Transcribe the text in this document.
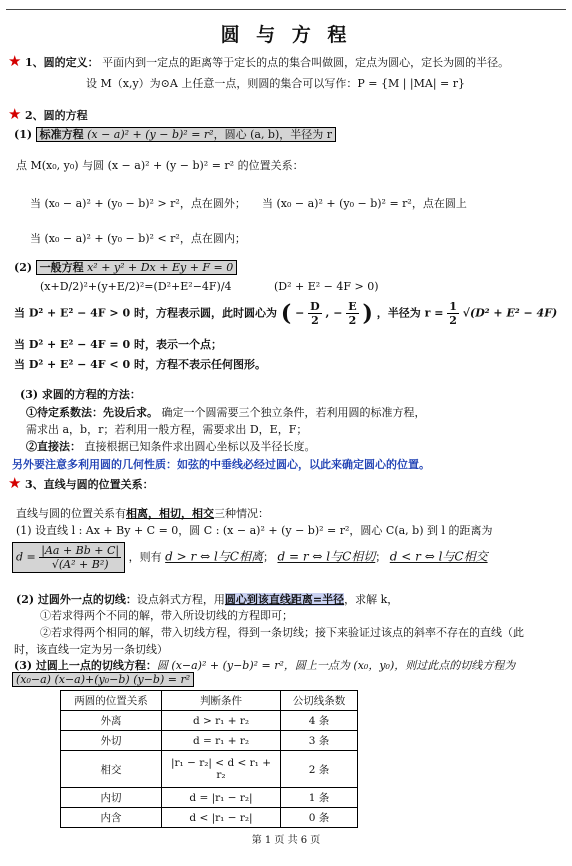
圆 与 方 程
★ 1、圆的定义： 平面内到一定点的距离等于定长的点的集合叫做圆，定点为圆心，定长为圆的半径。
设 M（x,y）为⊙A 上任意一点，则圆的集合可以写作：P = {M | |MA| = r}
★ 2、圆的方程
(1) 标准方程 (x − a)² + (y − b)² = r²，圆心 (a, b)，半径为 r
点 M(x₀, y₀) 与圆 (x − a)² + (y − b)² = r² 的位置关系：
当 (x₀ − a)² + (y₀ − b)² > r²，点在圆外； 当 (x₀ − a)² + (y₀ − b)² = r²，点在圆上
当 (x₀ − a)² + (y₀ − b)² < r²，点在圆内；
(2) 一般方程 x² + y² + Dx + Ey + F = 0
(x+D/2)²+(y+E/2)²=(D²+E²−4F)/4	(D² + E² − 4F > 0)
当 D² + E² − 4F > 0 时，方程表示圆，此时圆心为 ( − $\frac{D}{2}$ , − $\frac{E}{2}$ ) ，半径为 $r = \frac{1}{2} √(D^2 + E^2 - 4F)$
当 D² + E² − 4F = 0 时，表示一个点；
当 D² + E² − 4F < 0 时，方程不表示任何图形。
(3) 求圆的方程的方法：
①待定系数法：先设后求。 确定一个圆需要三个独立条件，若利用圆的标准方程，
需求出 a，b，r；若利用一般方程，需要求出 D，E，F；
②直接法： 直接根据已知条件求出圆心坐标以及半径长度。
另外要注意多利用圆的几何性质：如弦的中垂线必经过圆心，以此来确定圆心的位置。
★ 3、直线与圆的位置关系：
直线与圆的位置关系有相离，相切，相交三种情况：
(1) 设直线 l : Ax + By + C = 0，圆 C : (x − a)² + (y − b)² = r²，圆心 C(a, b) 到 l 的距离为
$d = \frac{|Aa + Bb + C|}{\text{√(A² + B²)}}$ ，则有 d > r ⇔ l与C相离； d = r ⇔ l与C相切； d < r ⇔ l与C相交
(2) 过圆外一点的切线：设点斜式方程，用圆心到该直线距离=半径，求解 k，
①若求得两个不同的解，带入所设切线的方程即可；
②若求得两个相同的解，带入切线方程，得到一条切线；接下来验证过该点的斜率不存在的直线（此
时，该直线一定为另一条切线）
(3) 过圆上一点的切线方程：圆 (x−a)² + (y−b)² = r²，圆上一点为 (x₀，y₀)，则过此点的切线方程为
(x₀−a) (x−a)+(y₀−b) (y−b) = r²
两圆的位置关系	判断条件	公切线条数
外离	d > r₁ + r₂	4 条
外切	d = r₁ + r₂	3 条
相交	|r₁ − r₂| < d < r₁ + r₂	2 条
内切	d = |r₁ − r₂|	1 条
内含	d < |r₁ − r₂|	0 条
第 1 页 共 6 页
